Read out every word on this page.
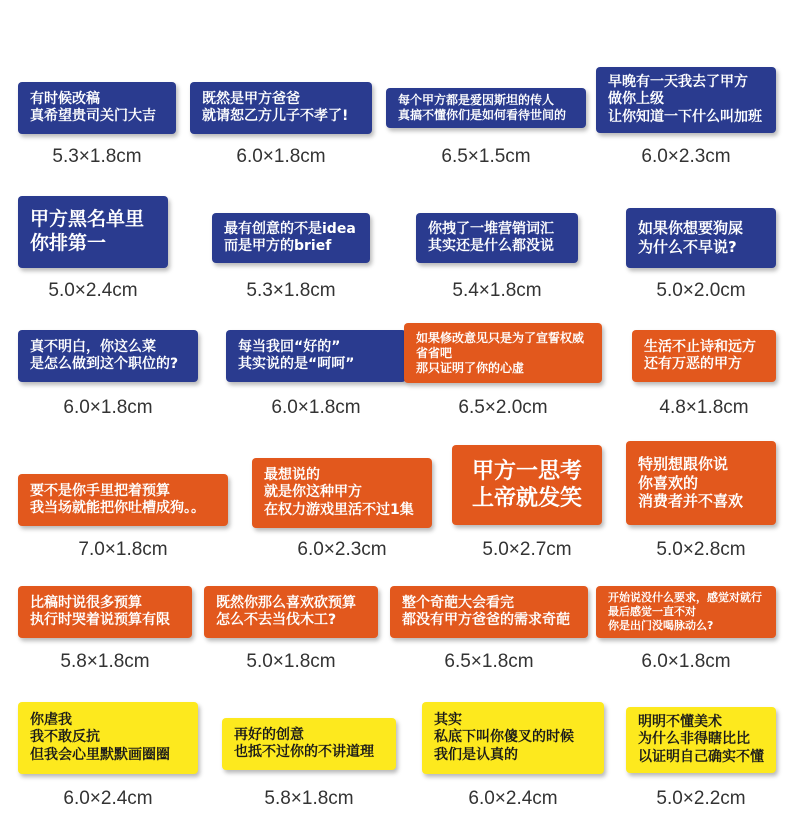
有时候改稿
真希望贵司关门大吉
5.3×1.8cm
既然是甲方爸爸
就请恕乙方儿子不孝了!
6.0×1.8cm
每个甲方都是爱因斯坦的传人
真搞不懂你们是如何看待世间的
6.5×1.5cm
早晚有一天我去了甲方
做你上级
让你知道一下什么叫加班
6.0×2.3cm
甲方黑名单里
你排第一
5.0×2.4cm
最有创意的不是idea
而是甲方的brief
5.3×1.8cm
你拽了一堆营销词汇
其实还是什么都没说
5.4×1.8cm
如果你想要狗屎
为什么不早说?
5.0×2.0cm
真不明白，你这么菜
是怎么做到这个职位的?
6.0×1.8cm
每当我回“好的”
其实说的是“呵呵”
6.0×1.8cm
如果修改意见只是为了宣誓权威
省省吧
那只证明了你的心虚
6.5×2.0cm
生活不止诗和远方
还有万恶的甲方
4.8×1.8cm
要不是你手里把着预算
我当场就能把你吐槽成狗。。
7.0×1.8cm
最想说的
就是你这种甲方
在权力游戏里活不过1集
6.0×2.3cm
甲方一思考
上帝就发笑
5.0×2.7cm
特别想跟你说
你喜欢的
消费者并不喜欢
5.0×2.8cm
比稿时说很多预算
执行时哭着说预算有限
5.8×1.8cm
既然你那么喜欢砍预算
怎么不去当伐木工?
5.0×1.8cm
整个奇葩大会看完
都没有甲方爸爸的需求奇葩
6.5×1.8cm
开始说没什么要求，感觉对就行
最后感觉一直不对
你是出门没喝脉动么?
6.0×1.8cm
你虐我
我不敢反抗
但我会心里默默画圈圈
6.0×2.4cm
再好的创意
也抵不过你的不讲道理
5.8×1.8cm
其实
私底下叫你傻叉的时候
我们是认真的
6.0×2.4cm
明明不懂美术
为什么非得瞎比比
以证明自己确实不懂
5.0×2.2cm
